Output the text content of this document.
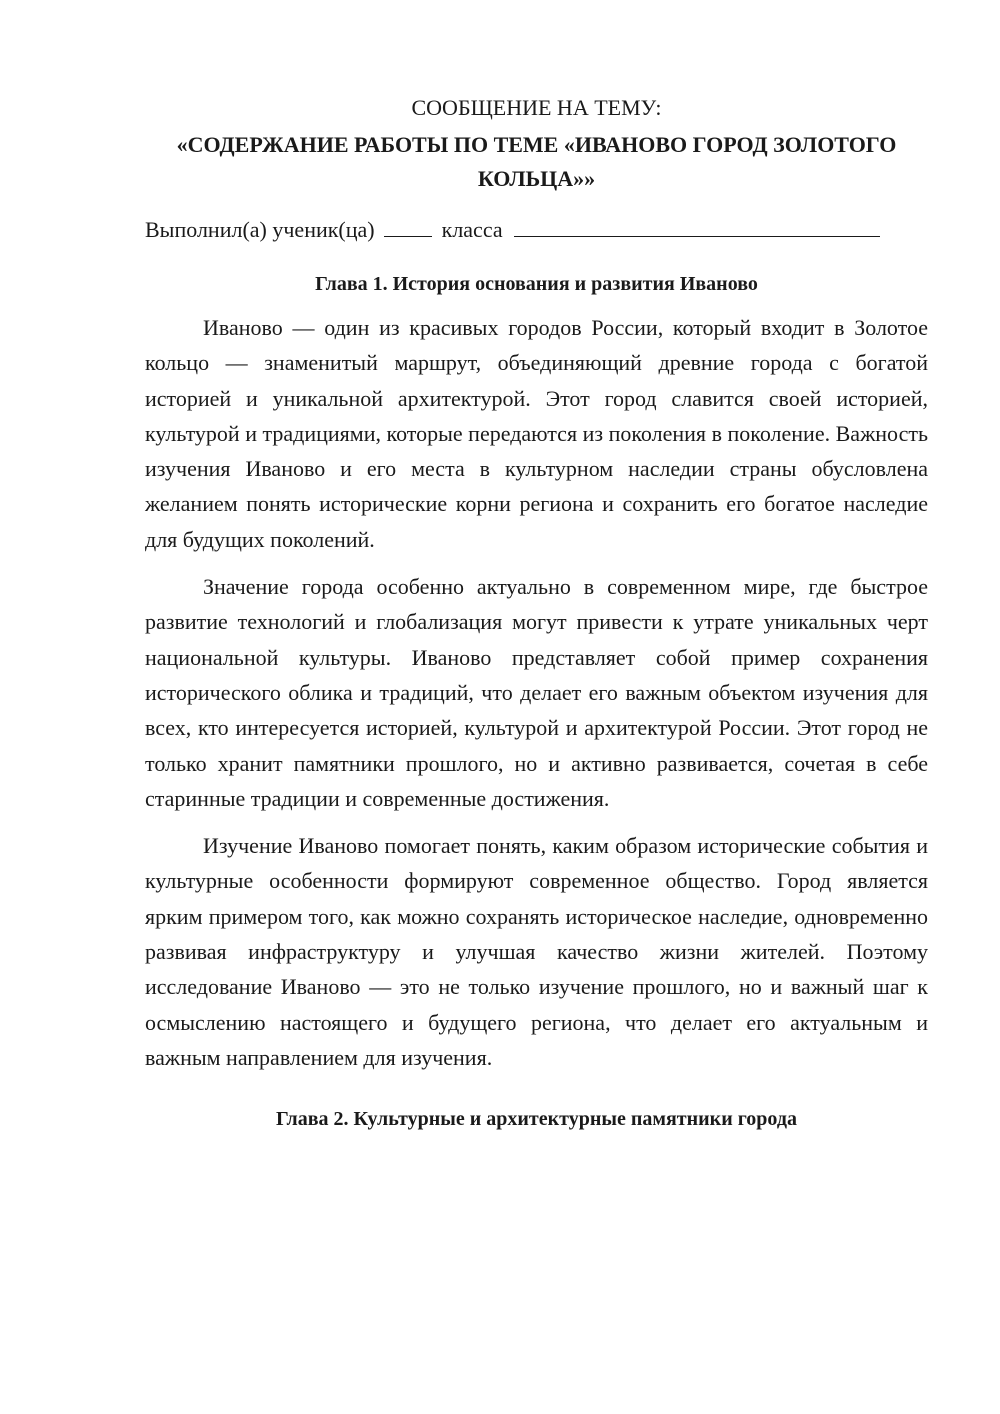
СООБЩЕНИЕ НА ТЕМУ:

«СОДЕРЖАНИЕ РАБОТЫ ПО ТЕМЕ «ИВАНОВО ГОРОД ЗОЛОТОГО КОЛЬЦА»»

Выполнил(а) ученик(ца)	класса

Глава 1. История основания и развития Иваново

Иваново — один из красивых городов России, который входит в Золотое кольцо — знаменитый маршрут, объединяющий древние города с богатой историей и уникальной архитектурой. Этот город славится своей историей, культурой и традициями, которые передаются из поколения в поколение. Важность изучения Иваново и его места в культурном наследии страны обусловлена желанием понять исторические корни региона и сохранить его богатое наследие для будущих поколений.

Значение города особенно актуально в современном мире, где быстрое развитие технологий и глобализация могут привести к утрате уникальных черт национальной культуры. Иваново представляет собой пример сохранения исторического облика и традиций, что делает его важным объектом изучения для всех, кто интересуется историей, культурой и архитектурой России. Этот город не только хранит памятники прошлого, но и активно развивается, сочетая в себе старинные традиции и современные достижения.

Изучение Иваново помогает понять, каким образом исторические события и культурные особенности формируют современное общество. Город является ярким примером того, как можно сохранять историческое наследие, одновременно развивая инфраструктуру и улучшая качество жизни жителей. Поэтому исследование Иваново — это не только изучение прошлого, но и важный шаг к осмыслению настоящего и будущего региона, что делает его актуальным и важным направлением для изучения.

Глава 2. Культурные и архитектурные памятники города
